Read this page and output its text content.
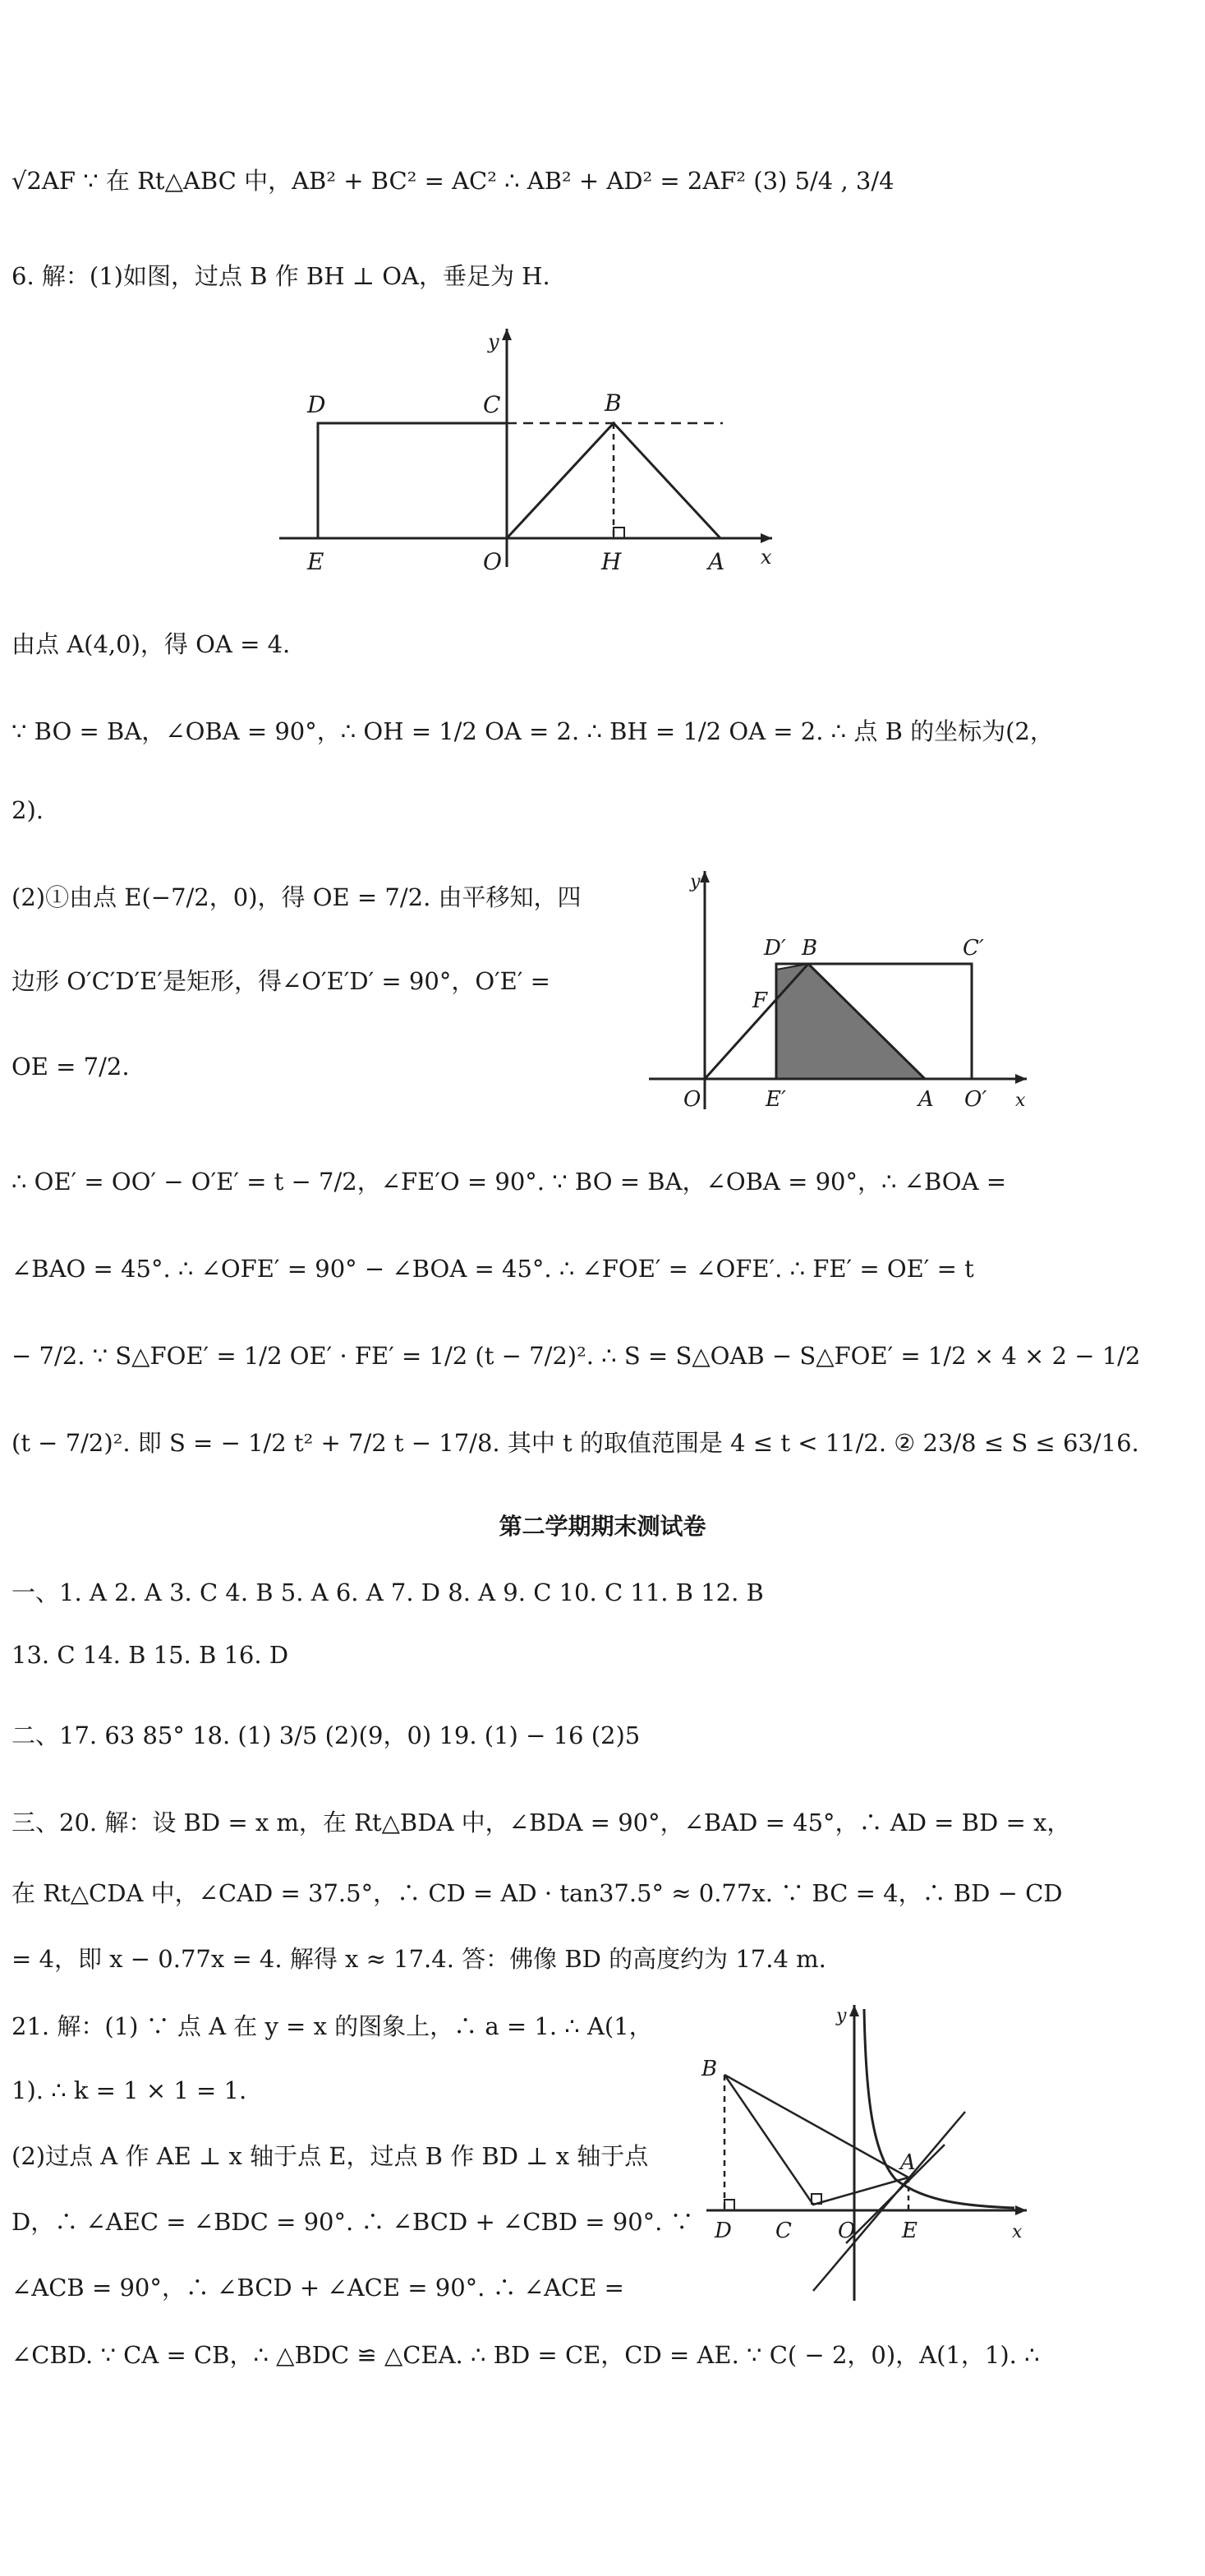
√2AF ∵ 在 Rt△ABC 中，AB² + BC² = AC² ∴ AB² + AD² = 2AF² (3) 5/4 , 3/4
6. 解：(1)如图，过点 B 作 BH ⊥ OA，垂足为 H.
由点 A(4,0)，得 OA = 4.
∵ BO = BA，∠OBA = 90°，∴ OH = 1/2 OA = 2. ∴ BH = 1/2 OA = 2. ∴ 点 B 的坐标为(2，
2).
(2)①由点 E(−7/2，0)，得 OE = 7/2. 由平移知，四
边形 O′C′D′E′是矩形，得∠O′E′D′ = 90°，O′E′ =
OE = 7/2.
∴ OE′ = OO′ − O′E′ = t − 7/2，∠FE′O = 90°. ∵ BO = BA，∠OBA = 90°，∴ ∠BOA =
∠BAO = 45°. ∴ ∠OFE′ = 90° − ∠BOA = 45°. ∴ ∠FOE′ = ∠OFE′. ∴ FE′ = OE′ = t
− 7/2. ∵ S△FOE′ = 1/2 OE′ · FE′ = 1/2 (t − 7/2)². ∴ S = S△OAB − S△FOE′ = 1/2 × 4 × 2 − 1/2
(t − 7/2)². 即 S = − 1/2 t² + 7/2 t − 17/8. 其中 t 的取值范围是 4 ≤ t < 11/2. ② 23/8 ≤ S ≤ 63/16.
第二学期期末测试卷
一、1. A 2. A 3. C 4. B 5. A 6. A 7. D 8. A 9. C 10. C 11. B 12. B
13. C 14. B 15. B 16. D
二、17. 63 85° 18. (1) 3/5 (2)(9，0) 19. (1) − 16 (2)5
三、20. 解：设 BD = x m，在 Rt△BDA 中，∠BDA = 90°，∠BAD = 45°，∴ AD = BD = x，
在 Rt△CDA 中，∠CAD = 37.5°，∴ CD = AD · tan37.5° ≈ 0.77x. ∵ BC = 4，∴ BD − CD
= 4，即 x − 0.77x = 4. 解得 x ≈ 17.4. 答：佛像 BD 的高度约为 17.4 m.
21. 解：(1) ∵ 点 A 在 y = x 的图象上，∴ a = 1. ∴ A(1，
1). ∴ k = 1 × 1 = 1.
(2)过点 A 作 AE ⊥ x 轴于点 E，过点 B 作 BD ⊥ x 轴于点
D，∴ ∠AEC = ∠BDC = 90°. ∴ ∠BCD + ∠CBD = 90°. ∵
∠ACB = 90°，∴ ∠BCD + ∠ACE = 90°. ∴ ∠ACE =
∠CBD. ∵ CA = CB，∴ △BDC ≌ △CEA. ∴ BD = CE，CD = AE. ∵ C( − 2，0)，A(1，1). ∴
y
x
D	C	B
E	O	H	A
y
D′ B	C′
F
O	E′	A O′ x
y
B
A
D C O E	x
